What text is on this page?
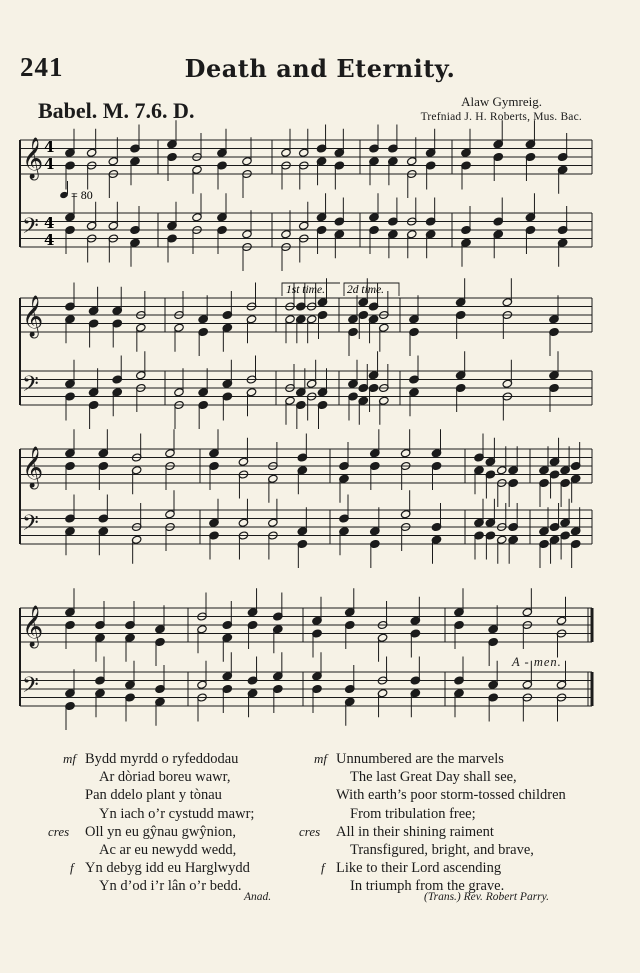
241	Death and Eternity.
Babel. M. 7.6. D.	Alaw Gymreig.
Trefniad J. H. Roberts, Mus. Bac.
𝄞
𝄢
𝄞
𝄢
𝄞
𝄢
𝄞
𝄢
4
4
4
4
= 80
1st time. 2d time.
A - men.
mf Bydd myrdd o ryfeddodau
Ar dòriad boreu wawr,
Pan ddelo plant y tònau
Yn iach o’r cystudd mawr;
cres Oll yn eu gŷnau gwŷnion,
Ac ar eu newydd wedd,
f Yn debyg idd eu Harglwydd
Yn d’od i’r lân o’r bedd.
mf Unnumbered are the marvels
The last Great Day shall see,
With earth’s poor storm-tossed children
From tribulation free;
cres All in their shining raiment
Transfigured, bright, and brave,
f Like to their Lord ascending
In triumph from the grave.
Anad.	(Trans.) Rev. Robert Parry.
